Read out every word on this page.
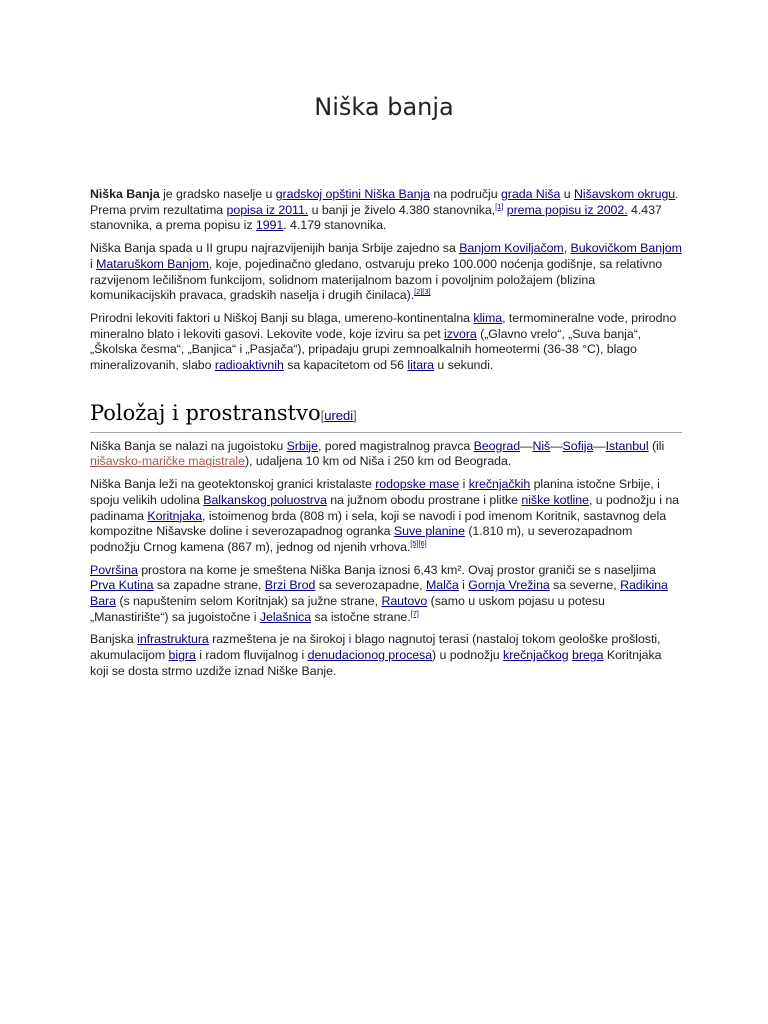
Niška banja

Niška Banja je gradsko naselje u gradskoj opštini Niška Banja na području grada Niša u Nišavskom okrugu. Prema prvim rezultatima popisa iz 2011. u banji je živelo 4.380 stanovnika,[1] prema popisu iz 2002. 4.437 stanovnika, a prema popisu iz 1991. 4.179 stanovnika.

Niška Banja spada u II grupu najrazvijenijih banja Srbije zajedno sa Banjom Koviljačom, Bukovičkom Banjom i Mataruškom Banjom, koje, pojedinačno gledano, ostvaruju preko 100.000 noćenja godišnje, sa relativno razvijenom lečilišnom funkcijom, solidnom materijalnom bazom i povoljnim položajem (blizina komunikacijskih pravaca, gradskih naselja i drugih činilaca).[2][3]

Prirodni lekoviti faktori u Niškoj Banji su blaga, umereno-kontinentalna klima, termomineralne vode, prirodno mineralno blato i lekoviti gasovi. Lekovite vode, koje izviru sa pet izvora („Glavno vrelo“, „Suva banja“, „Školska česma“, „Banjica“ i „Pasjača“), pripadaju grupi zemnoalkalnih homeotermi (36-38 °C), blago mineralizovanih, slabo radioaktivnih sa kapacitetom od 56 litara u sekundi.

Položaj i prostranstvo[uredi]

Niška Banja se nalazi na jugoistoku Srbije, pored magistralnog pravca Beograd—Niš—Sofija—Istanbul (ili nišavsko-maričke magistrale), udaljena 10 km od Niša i 250 km od Beograda.

Niška Banja leži na geotektonskoj granici kristalaste rodopske mase i krečnjačkih planina istočne Srbije, i spoju velikih udolina Balkanskog poluostrva na južnom obodu prostrane i plitke niške kotline, u podnožju i na padinama Koritnjaka, istoimenog brda (808 m) i sela, koji se navodi i pod imenom Koritnik, sastavnog dela kompozitne Nišavske doline i severozapadnog ogranka Suve planine (1.810 m), u severozapadnom podnožju Crnog kamena (867 m), jednog od njenih vrhova.[5][6]

Površina prostora na kome je smeštena Niška Banja iznosi 6,43 km². Ovaj prostor graniči se s naseljima Prva Kutina sa zapadne strane, Brzi Brod sa severozapadne, Malča i Gornja Vrežina sa severne, Radikina Bara (s napuštenim selom Koritnjak) sa južne strane, Rautovo (samo u uskom pojasu u potesu „Manastirište“) sa jugoistočne i Jelašnica sa istočne strane.[7]

Banjska infrastruktura razmeštena je na širokoj i blago nagnutoj terasi (nastaloj tokom geološke prošlosti, akumulacijom bigra i radom fluvijalnog i denudacionog procesa) u podnožju krečnjačkog brega Koritnjaka koji se dosta strmo uzdiže iznad Niške Banje.
